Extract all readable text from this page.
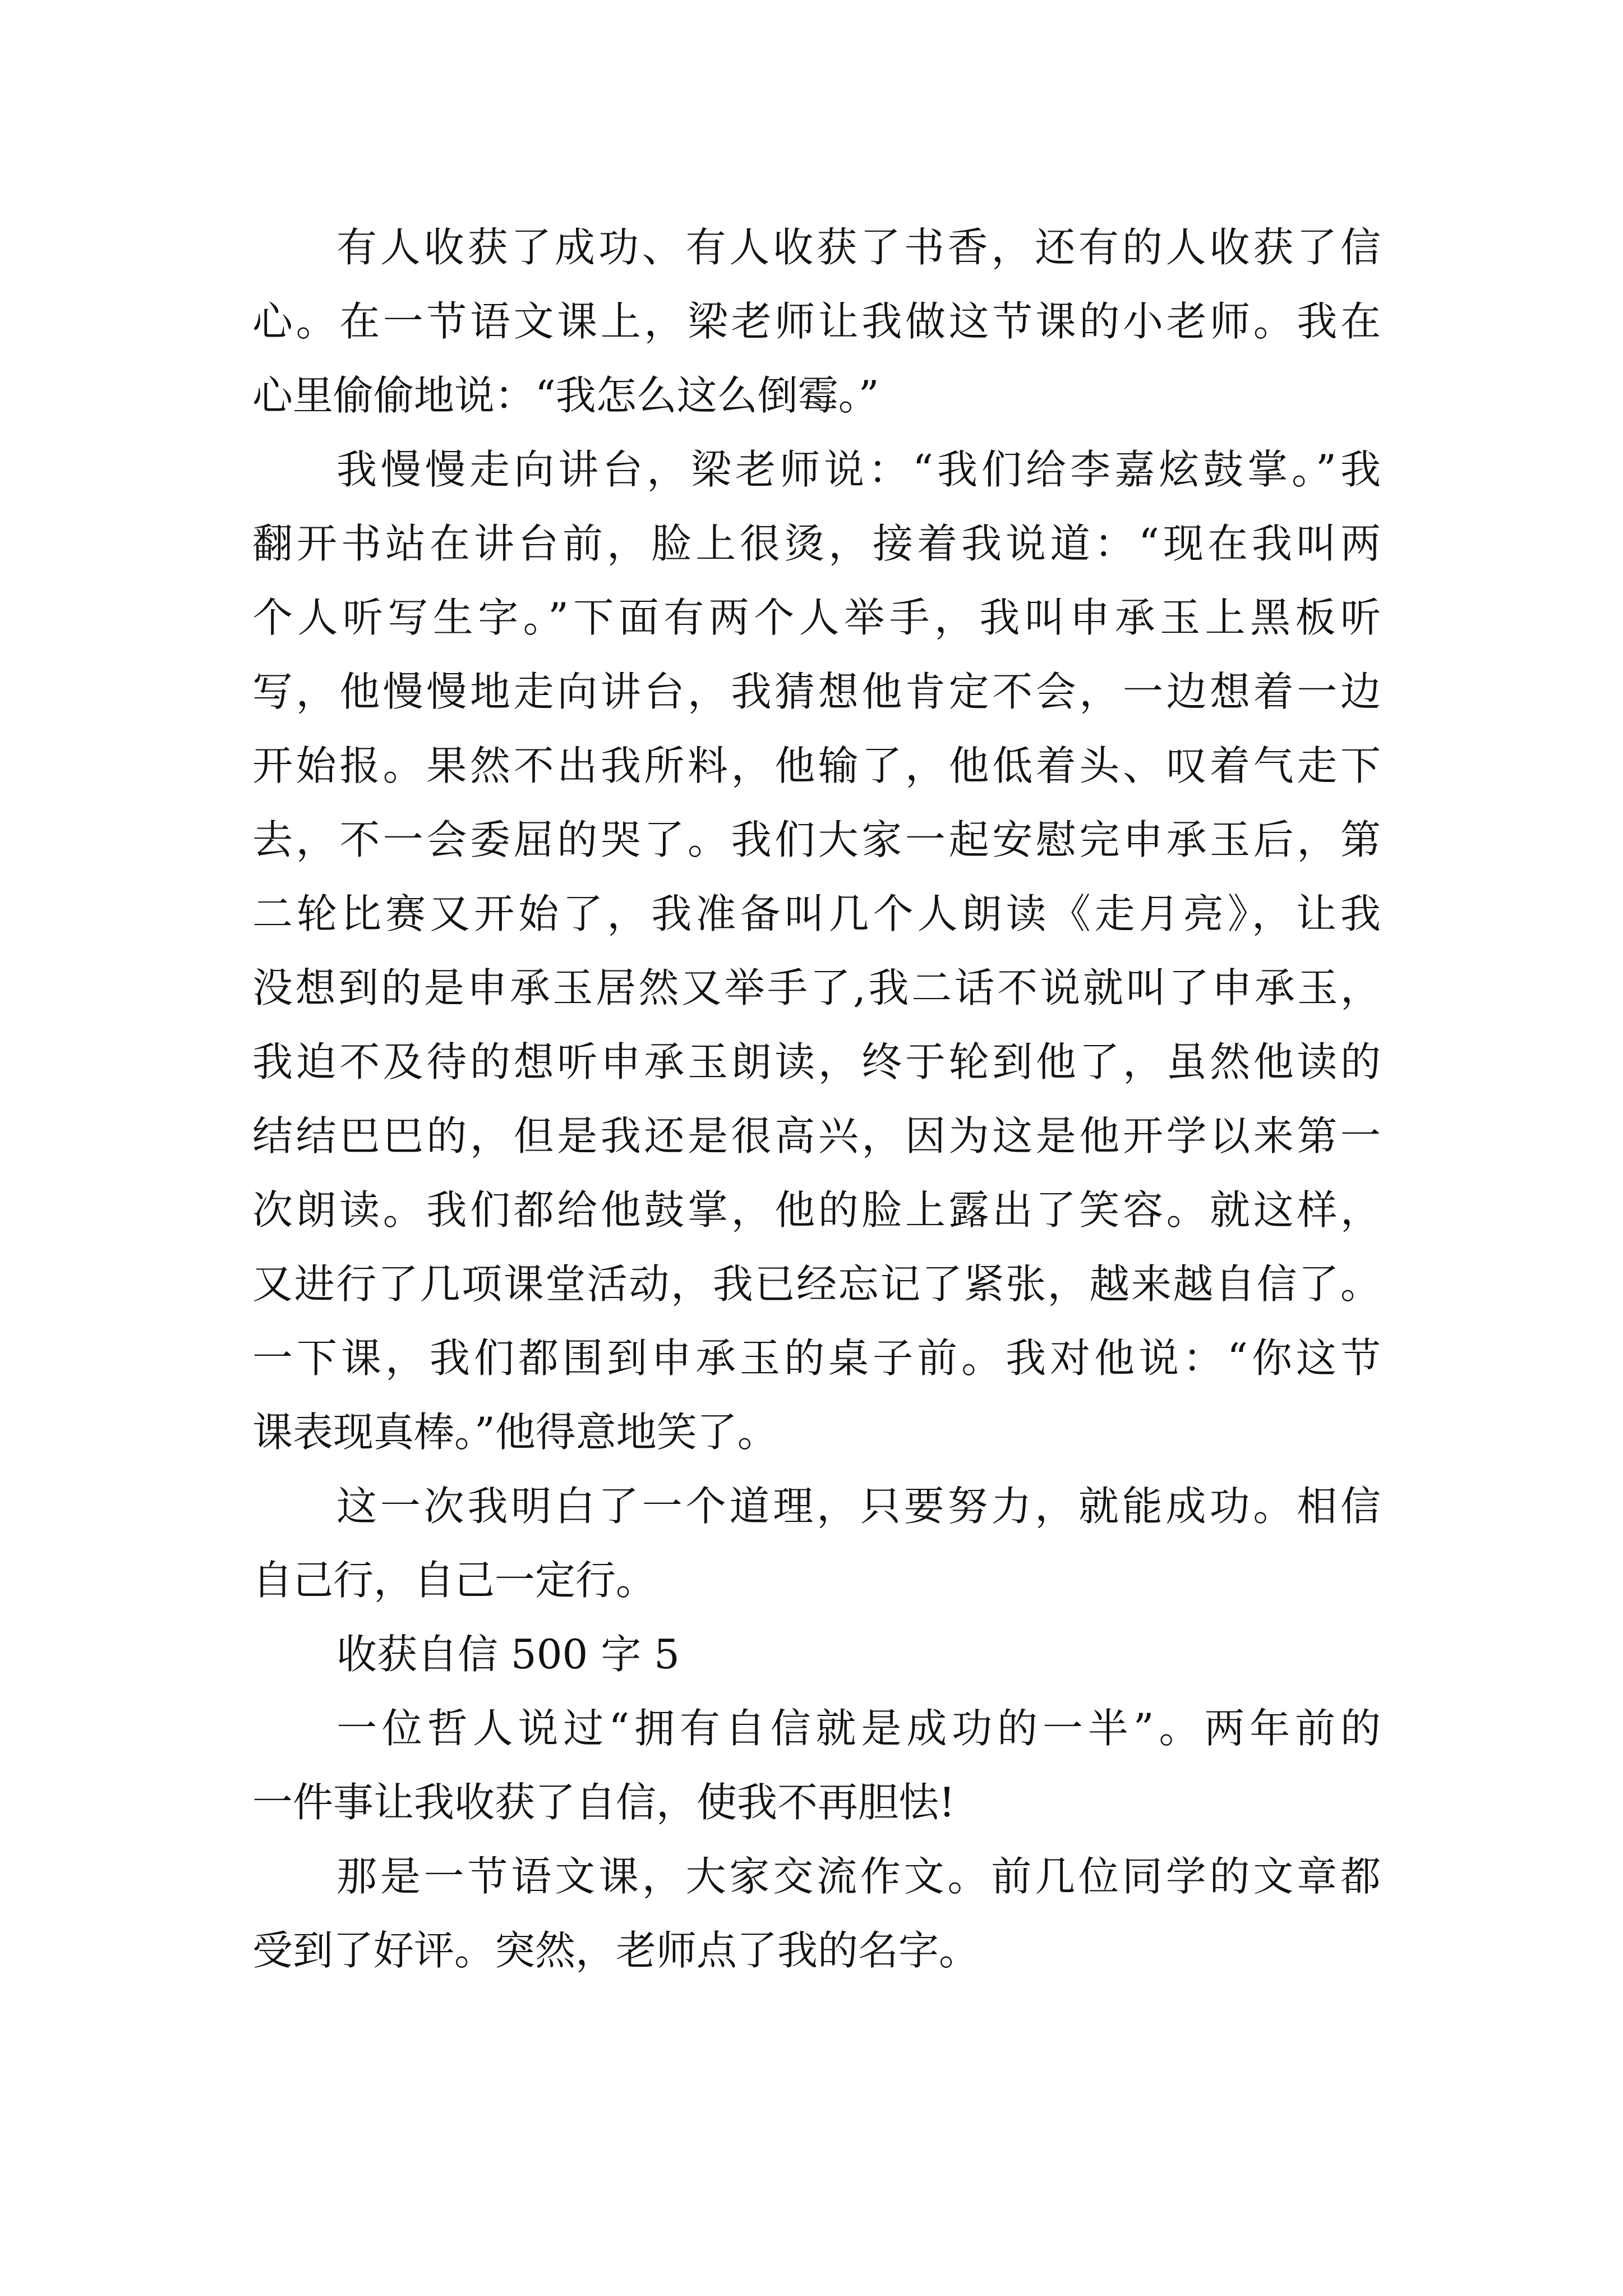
有人收获了成功、有人收获了书香，还有的人收获了信
心。在一节语文课上，梁老师让我做这节课的小老师。我在
心里偷偷地说：“我怎么这么倒霉。”
我慢慢走向讲台，梁老师说：“我们给李嘉炫鼓掌。”我
翻开书站在讲台前，脸上很烫，接着我说道：“现在我叫两
个人听写生字。”下面有两个人举手，我叫申承玉上黑板听
写，他慢慢地走向讲台，我猜想他肯定不会，一边想着一边
开始报。果然不出我所料，他输了，他低着头、叹着气走下
去，不一会委屈的哭了。我们大家一起安慰完申承玉后，第
二轮比赛又开始了，我准备叫几个人朗读《走月亮》，让我
没想到的是申承玉居然又举手了,我二话不说就叫了申承玉，
我迫不及待的想听申承玉朗读，终于轮到他了，虽然他读的
结结巴巴的，但是我还是很高兴，因为这是他开学以来第一
次朗读。我们都给他鼓掌，他的脸上露出了笑容。就这样，
又进行了几项课堂活动，我已经忘记了紧张，越来越自信了。
一下课，我们都围到申承玉的桌子前。我对他说：“你这节
课表现真棒。”他得意地笑了。
这一次我明白了一个道理，只要努力，就能成功。相信
自己行，自己一定行。
收获自信 500 字 5
一位哲人说过“拥有自信就是成功的一半”。两年前的
一件事让我收获了自信，使我不再胆怯!
那是一节语文课，大家交流作文。前几位同学的文章都
受到了好评。突然，老师点了我的名字。
